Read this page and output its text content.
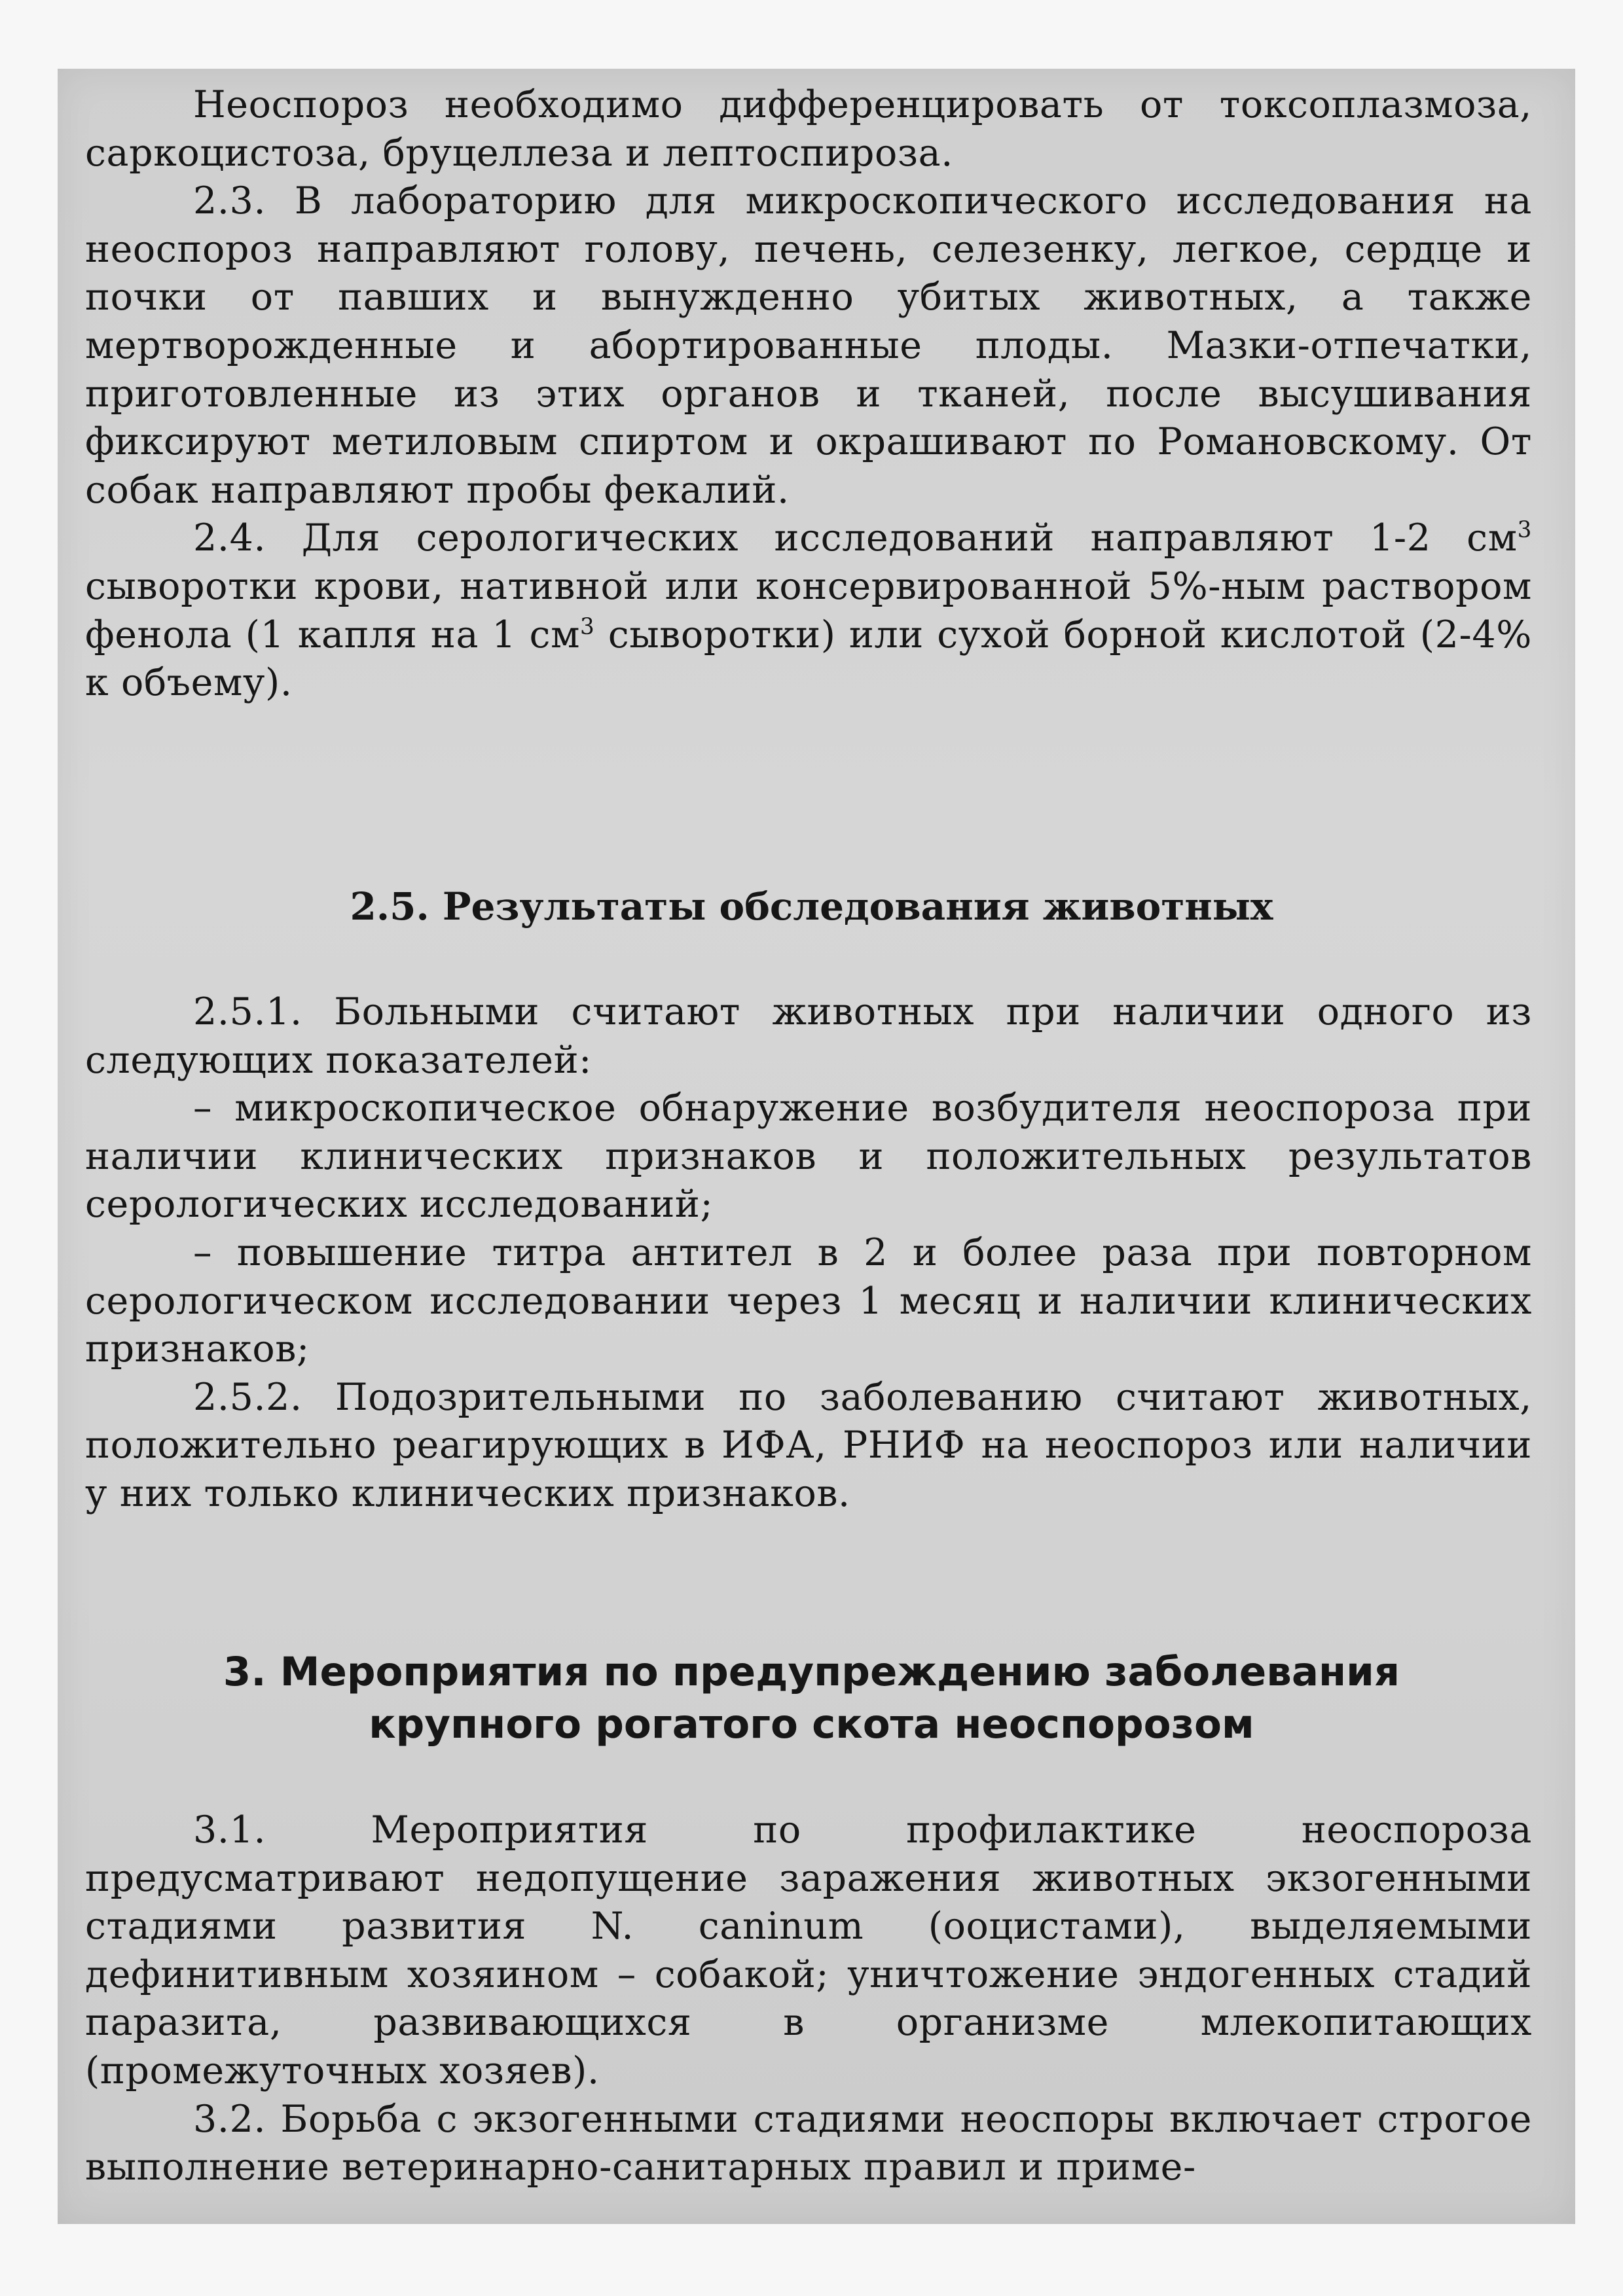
Неоспороз необходимо дифференцировать от токсоплазмоза, саркоцистоза, бруцеллеза и лептоспироза.

2.3. В лабораторию для микроскопического исследования на неоспороз направляют голову, печень, селезенку, легкое, сердце и почки от павших и вынужденно убитых животных, а также мертворожденные и абортированные плоды. Мазки-отпечатки, приготовленные из этих органов и тканей, после высушивания фиксируют метиловым спиртом и окрашивают по Романовскому. От собак направляют пробы фекалий.

2.4. Для серологических исследований направляют 1-2 $см^3$ сыворотки крови, нативной или консервированной 5%-ным раствором фенола (1 капля на 1 $см^3$ сыворотки) или сухой борной кислотой (2-4% к объему).

2.5. Результаты обследования животных

2.5.1. Больными считают животных при наличии одного из следующих показателей:

– микроскопическое обнаружение возбудителя неоспороза при наличии клинических признаков и положительных результатов серологических исследований;

– повышение титра антител в 2 и более раза при повторном серологическом исследовании через 1 месяц и наличии клинических признаков;

2.5.2. Подозрительными по заболеванию считают животных, положительно реагирующих в ИФА, РНИФ на неоспороз или наличии у них только клинических признаков.

3. Мероприятия по предупреждению заболевания
крупного рогатого скота неоспорозом

3.1. Мероприятия по профилактике неоспороза предусматривают недопущение заражения животных экзогенными стадиями развития N. caninum (ооцистами), выделяемыми дефинитивным хозяином – собакой; уничтожение эндогенных стадий паразита, развивающихся в организме млекопитающих (промежуточных хозяев).

3.2. Борьба с экзогенными стадиями неоспоры включает строгое выполнение ветеринарно-санитарных правил и приме-
